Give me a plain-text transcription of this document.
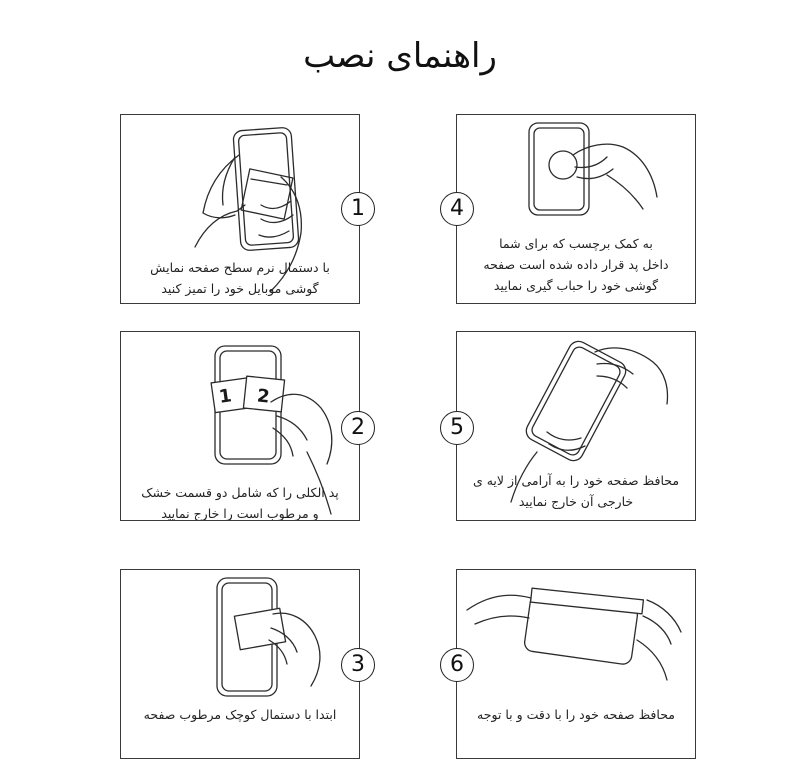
راهنمای نصب
با دستمال نرم سطح صفحه نمایش
گوشی موبایل خود را تمیز کنید
1
1 2
پد الکلی را که شامل دو قسمت خشک
و مرطوب است را خارج نمایید
2
ابتدا با دستمال کوچک مرطوب صفحه
3
به کمک برچسب که برای شما
داخل پد قرار داده شده است صفحه
گوشی خود را حباب گیری نمایید
4
محافظ صفحه خود را به آرامی از لایه ی
خارجی آن خارج نمایید
5
محافظ صفحه خود را با دقت و با توجه
6
